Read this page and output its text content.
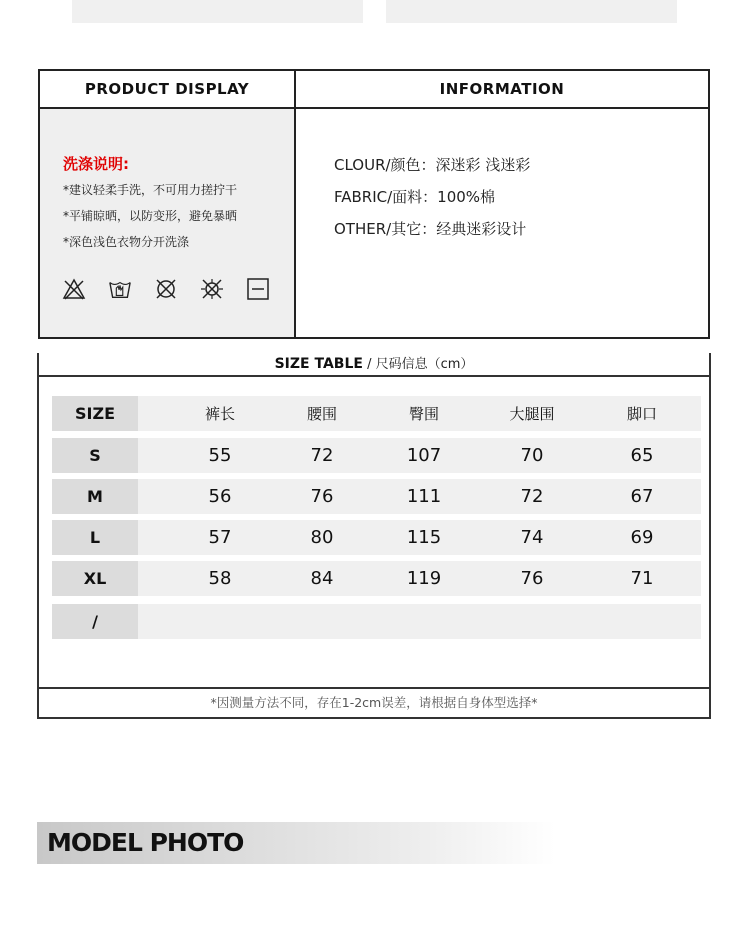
PRODUCT DISPLAY	INFORMATION
洗涤说明:
*建议轻柔手洗，不可用力搓拧干
*平铺晾晒，以防变形，避免暴晒
*深色浅色衣物分开洗涤
CLOUR/颜色：深迷彩 浅迷彩
FABRIC/面料：100%棉
OTHER/其它：经典迷彩设计
SIZE TABLE / 尺码信息（cm）
SIZE	裤长	腰围	臀围	大腿围	脚口
S	55	72	107	70	65
M	56	76	111	72	67
L	57	80	115	74	69
XL	58	84	119	76	71
/
*因测量方法不同，存在1-2cm误差，请根据自身体型选择*
MODEL PHOTO
